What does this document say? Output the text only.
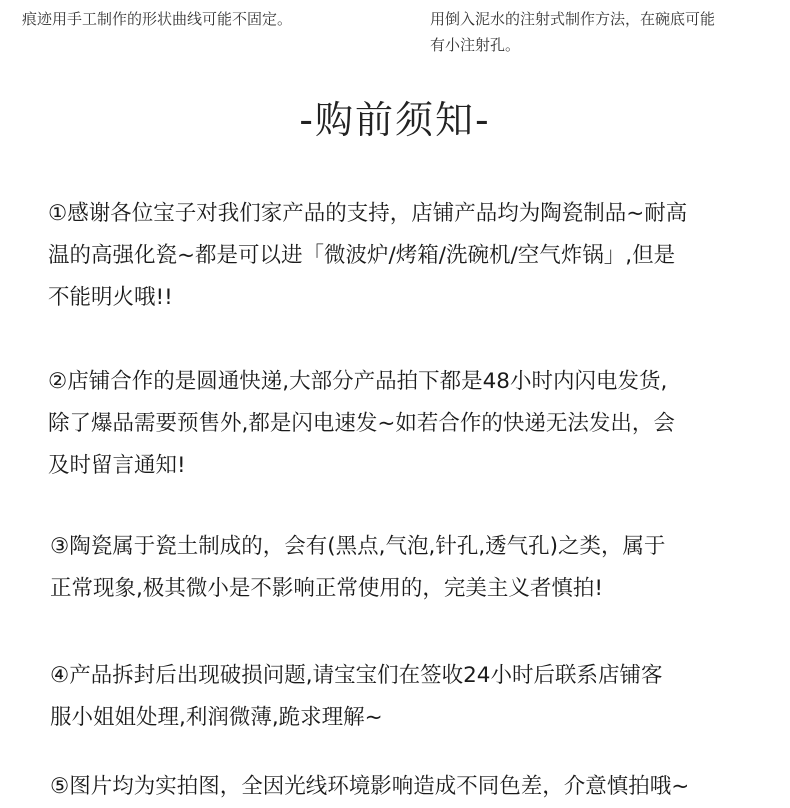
痕迹用手工制作的形状曲线可能不固定。	用倒入泥水的注射式制作方法，在碗底可能
有小注射孔。

-购前须知-

①感谢各位宝子对我们家产品的支持，店铺产品均为陶瓷制品~耐高
温的高强化瓷~都是可以进「微波炉/烤箱/洗碗机/空气炸锅」,但是
不能明火哦!!

②店铺合作的是圆通快递,大部分产品拍下都是48小时内闪电发货,
除了爆品需要预售外,都是闪电速发~如若合作的快递无法发出，会
及时留言通知!

③陶瓷属于瓷土制成的，会有(黑点,气泡,针孔,透气孔)之类，属于
正常现象,极其微小是不影响正常使用的，完美主义者慎拍!

④产品拆封后出现破损问题,请宝宝们在签收24小时后联系店铺客
服小姐姐处理,利润微薄,跪求理解~

⑤图片均为实拍图，全因光线环境影响造成不同色差，介意慎拍哦~
